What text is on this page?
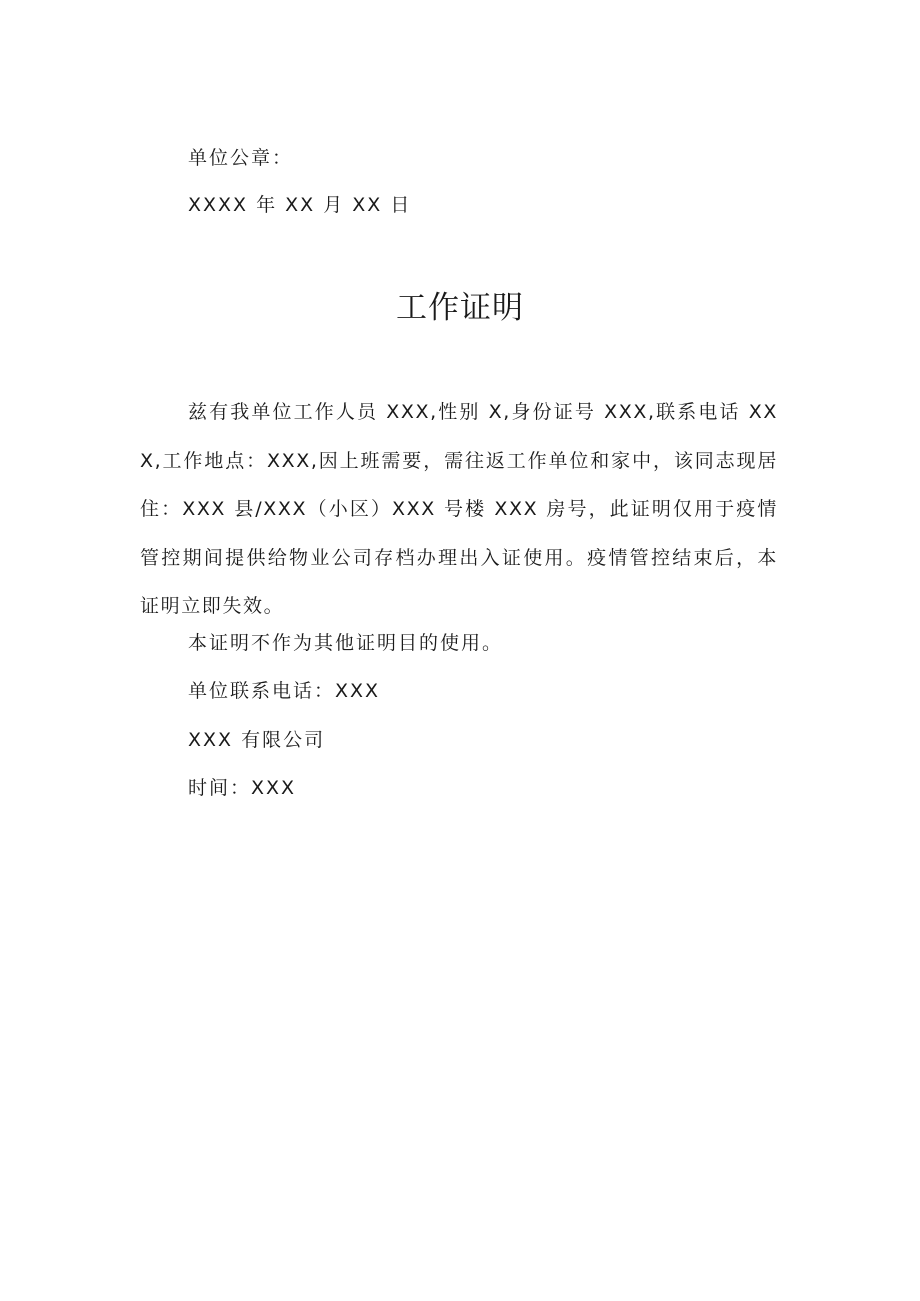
单位公章：
XXXX 年 XX 月 XX 日
工作证明
兹有我单位工作人员 XXX,性别 X,身份证号 XXX,联系电话 XXX,工作地点：XXX,因上班需要，需往返工作单位和家中，该同志现居住：XXX 县/XXX（小区）XXX 号楼 XXX 房号，此证明仅用于疫情管控期间提供给物业公司存档办理出入证使用。疫情管控结束后，本证明立即失效。
本证明不作为其他证明目的使用。
单位联系电话：XXX
XXX 有限公司
时间：XXX
